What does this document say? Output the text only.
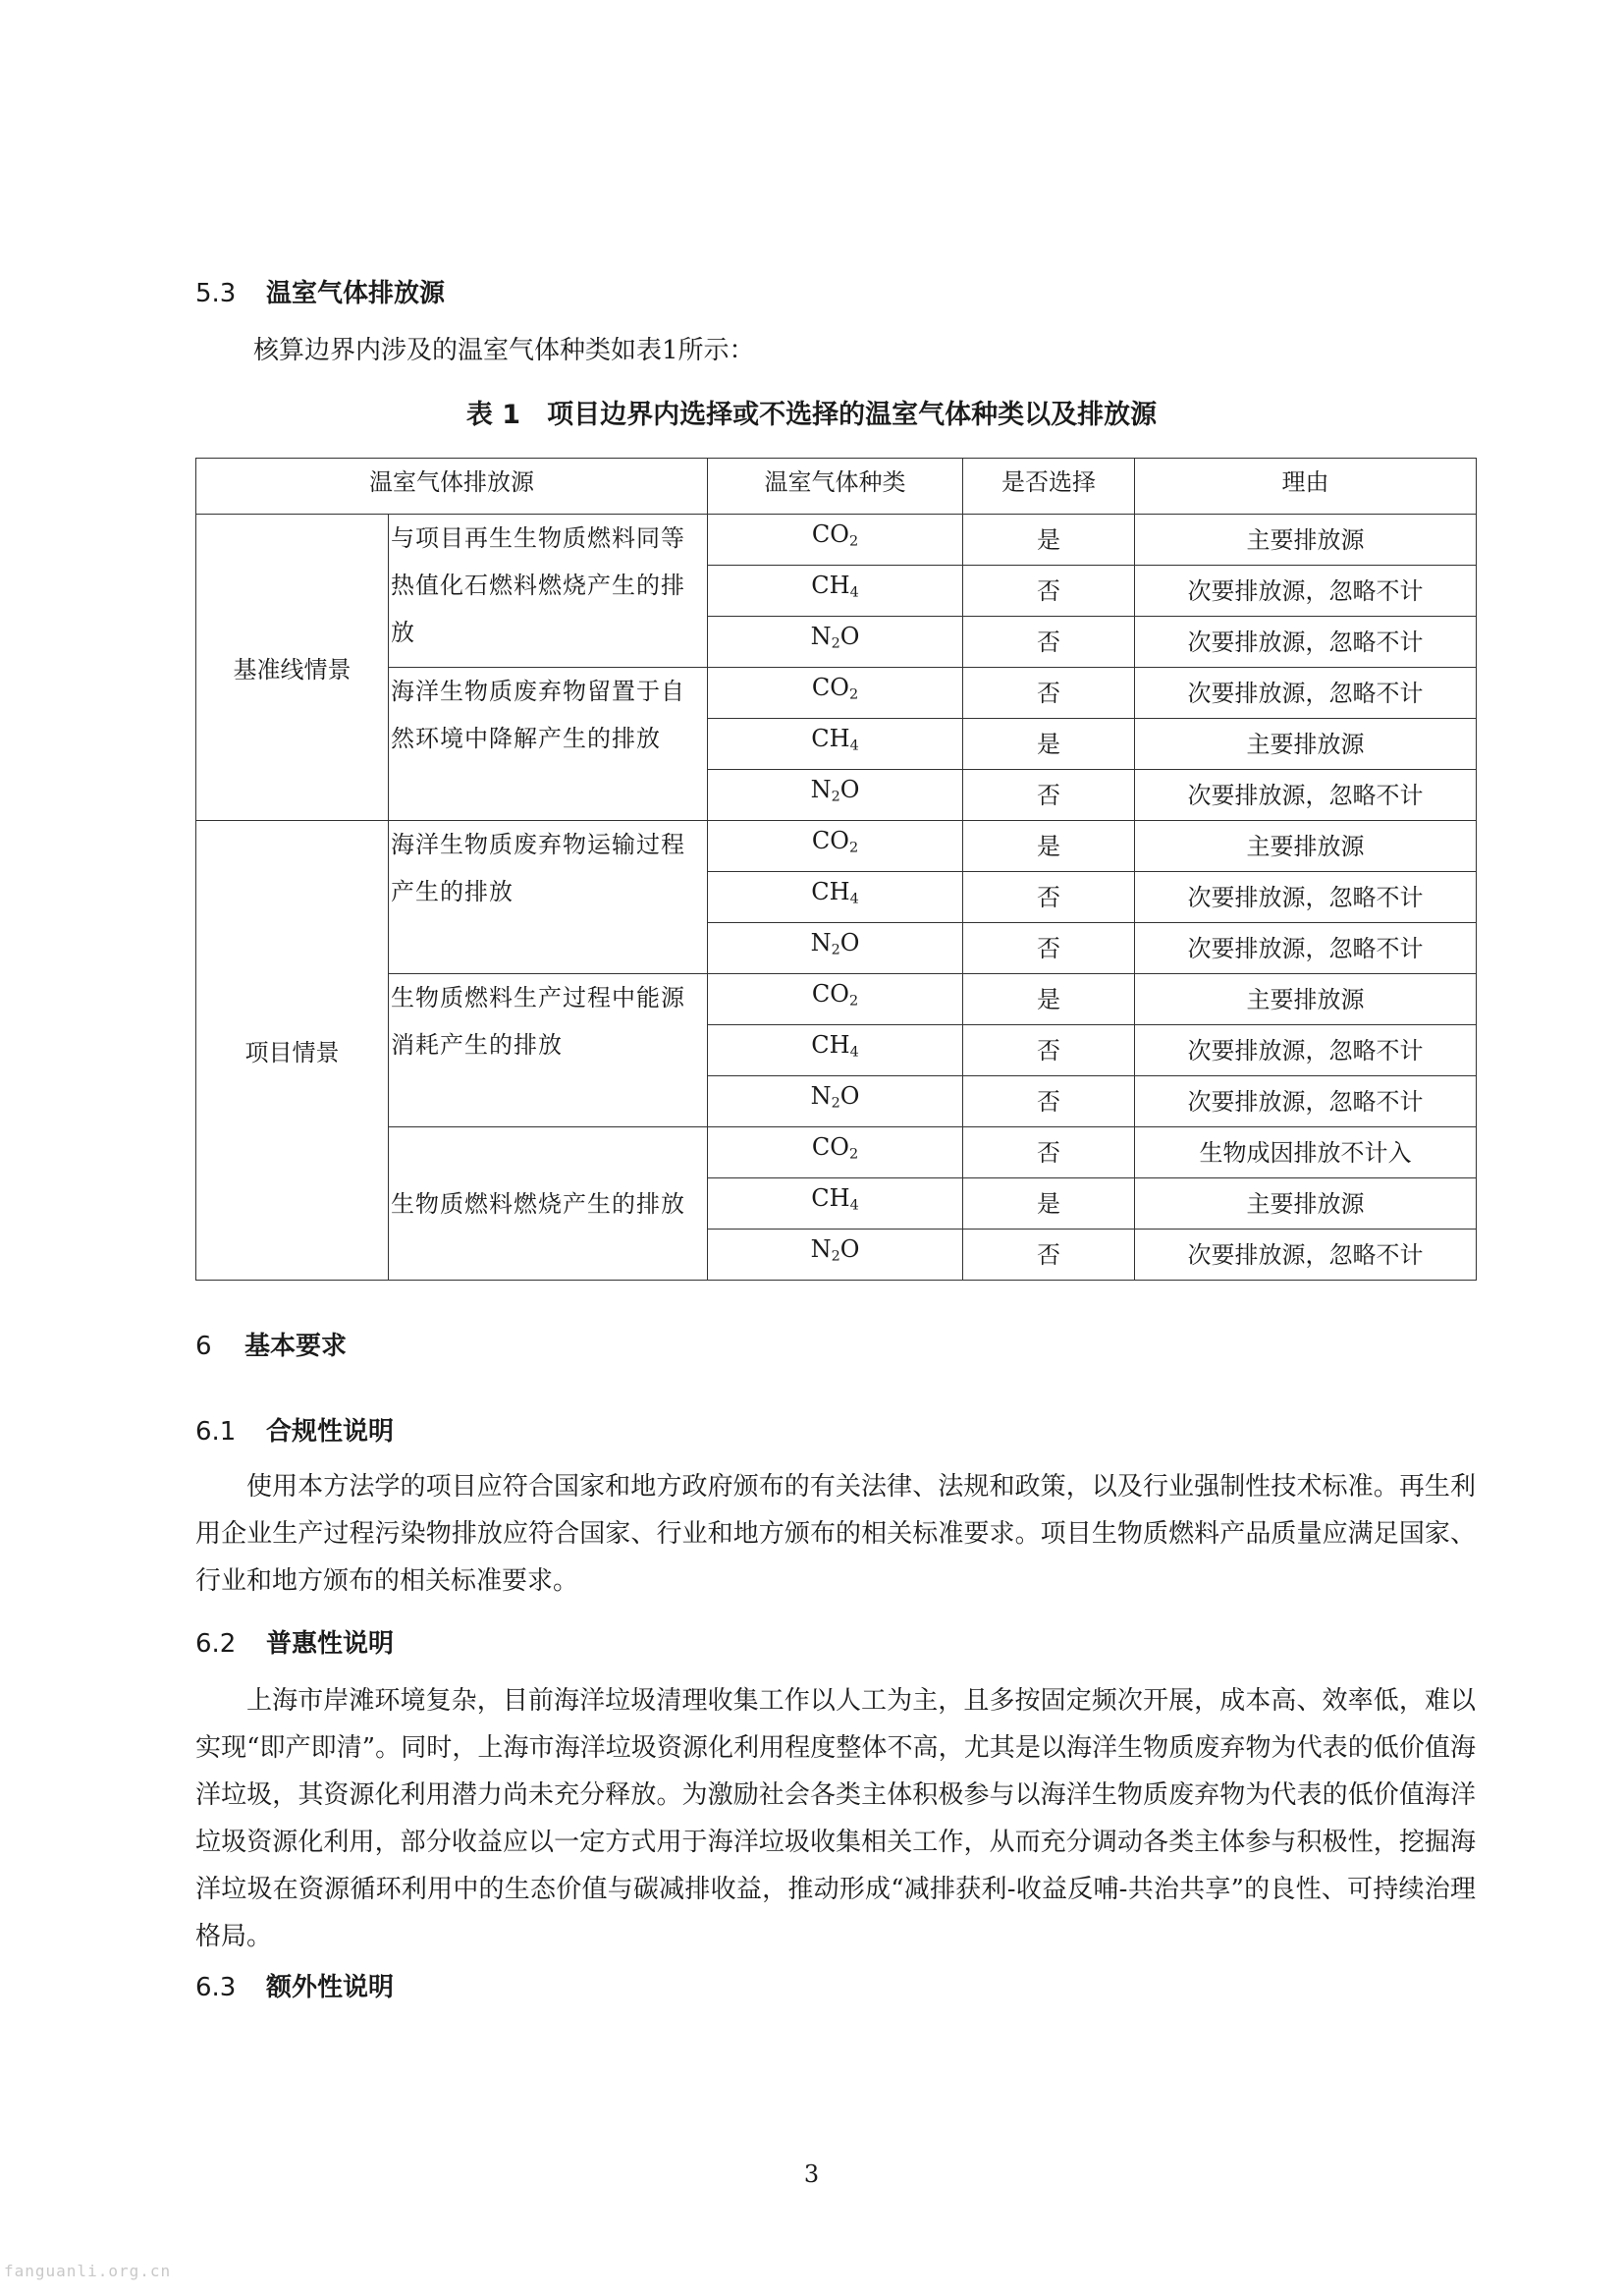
5.3 温室气体排放源
核算边界内涉及的温室气体种类如表1所示：
表 1　项目边界内选择或不选择的温室气体种类以及排放源
温室气体排放源		温室气体种类	是否选择	理由
基准线情景	与项目再生生物质燃料同等热值化石燃料燃烧产生的排放	$CO_2$	是	主要排放源
		$CH_4$	否	次要排放源，忽略不计
		$N_2O$	否	次要排放源，忽略不计
	海洋生物质废弃物留置于自然环境中降解产生的排放	$CO_2$	否	次要排放源，忽略不计
		$CH_4$	是	主要排放源
		$N_2O$	否	次要排放源，忽略不计
项目情景	海洋生物质废弃物运输过程产生的排放	$CO_2$	是	主要排放源
		$CH_4$	否	次要排放源，忽略不计
		$N_2O$	否	次要排放源，忽略不计
	生物质燃料生产过程中能源消耗产生的排放	$CO_2$	是	主要排放源
		$CH_4$	否	次要排放源，忽略不计
		$N_2O$	否	次要排放源，忽略不计
	生物质燃料燃烧产生的排放	$CO_2$	否	生物成因排放不计入
		$CH_4$	是	主要排放源
		$N_2O$	否	次要排放源，忽略不计
6 基本要求
6.1 合规性说明
使用本方法学的项目应符合国家和地方政府颁布的有关法律、法规和政策，以及行业强制性技术标准。再生利用企业生产过程污染物排放应符合国家、行业和地方颁布的相关标准要求。项目生物质燃料产品质量应满足国家、行业和地方颁布的相关标准要求。
6.2 普惠性说明
上海市岸滩环境复杂，目前海洋垃圾清理收集工作以人工为主，且多按固定频次开展，成本高、效率低，难以实现“即产即清”。同时，上海市海洋垃圾资源化利用程度整体不高，尤其是以海洋生物质废弃物为代表的低价值海洋垃圾，其资源化利用潜力尚未充分释放。为激励社会各类主体积极参与以海洋生物质废弃物为代表的低价值海洋垃圾资源化利用，部分收益应以一定方式用于海洋垃圾收集相关工作，从而充分调动各类主体参与积极性，挖掘海洋垃圾在资源循环利用中的生态价值与碳减排收益，推动形成“减排获利-收益反哺-共治共享”的良性、可持续治理格局。
6.3 额外性说明
3
fanguanli.org.cn
